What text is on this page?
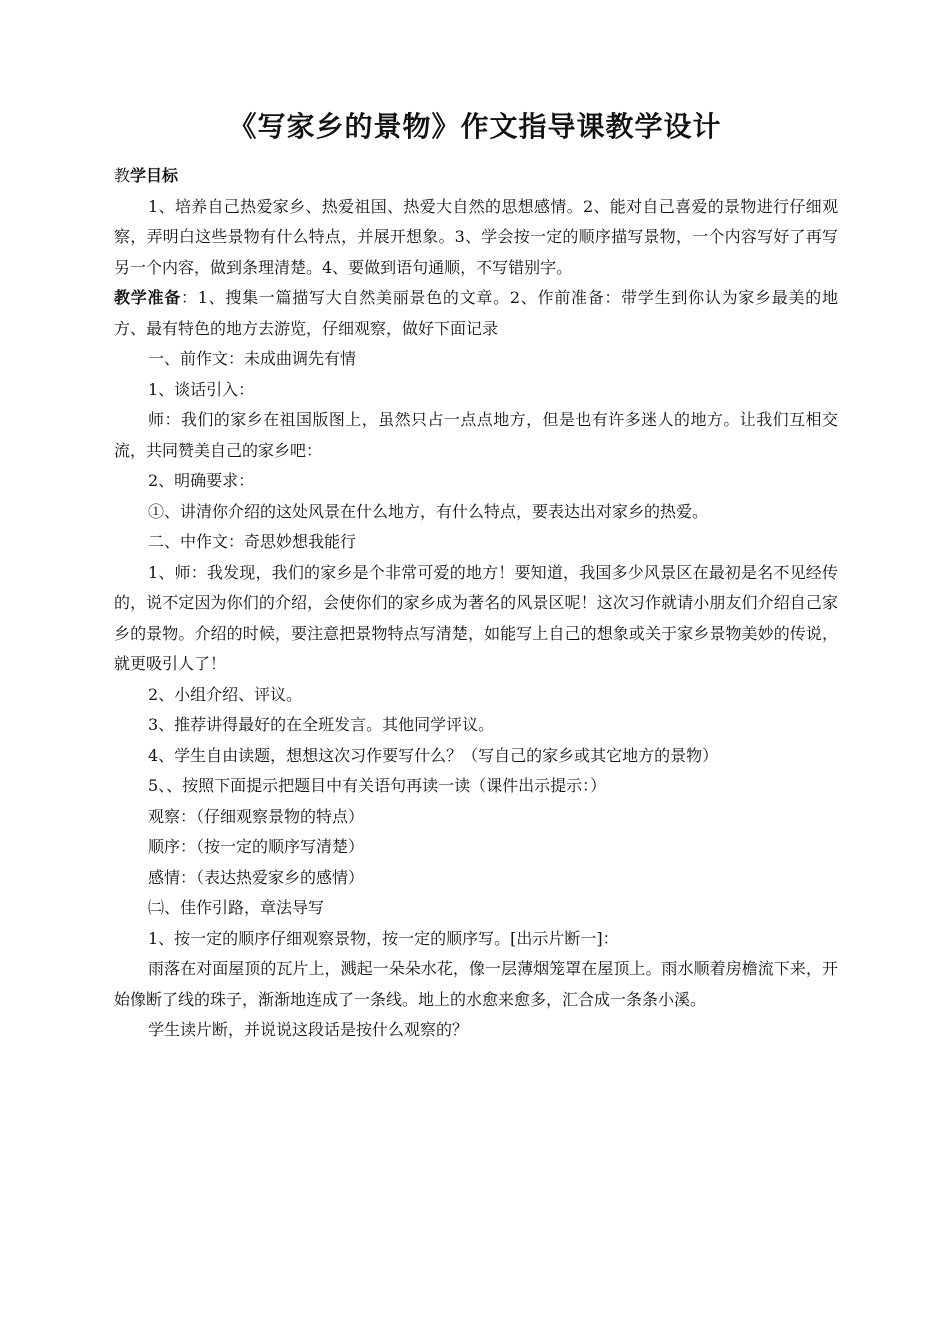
《写家乡的景物》作文指导课教学设计

教学目标

1、培养自己热爱家乡、热爱祖国、热爱大自然的思想感情。2、能对自己喜爱的景物进行仔细观察，弄明白这些景物有什么特点，并展开想象。3、学会按一定的顺序描写景物，一个内容写好了再写另一个内容，做到条理清楚。4、要做到语句通顺，不写错别字。

教学准备：1、搜集一篇描写大自然美丽景色的文章。2、作前准备：带学生到你认为家乡最美的地方、最有特色的地方去游览，仔细观察，做好下面记录

一、前作文：未成曲调先有情

1、谈话引入：

师：我们的家乡在祖国版图上，虽然只占一点点地方，但是也有许多迷人的地方。让我们互相交流，共同赞美自己的家乡吧：

2、明确要求：

①、讲清你介绍的这处风景在什么地方，有什么特点，要表达出对家乡的热爱。

二、中作文：奇思妙想我能行

1、师：我发现，我们的家乡是个非常可爱的地方！要知道，我国多少风景区在最初是名不见经传的，说不定因为你们的介绍，会使你们的家乡成为著名的风景区呢！这次习作就请小朋友们介绍自己家乡的景物。介绍的时候，要注意把景物特点写清楚，如能写上自己的想象或关于家乡景物美妙的传说，就更吸引人了！

2、小组介绍、评议。

3、推荐讲得最好的在全班发言。其他同学评议。

4、学生自由读题，想想这次习作要写什么？（写自己的家乡或其它地方的景物）

5、、按照下面提示把题目中有关语句再读一读（课件出示提示：）

观察：（仔细观察景物的特点）

顺序：（按一定的顺序写清楚）

感情：（表达热爱家乡的感情）

㈡、佳作引路，章法导写

1、按一定的顺序仔细观察景物，按一定的顺序写。[出示片断一]：

雨落在对面屋顶的瓦片上，溅起一朵朵水花，像一层薄烟笼罩在屋顶上。雨水顺着房檐流下来，开始像断了线的珠子，渐渐地连成了一条线。地上的水愈来愈多，汇合成一条条小溪。

学生读片断，并说说这段话是按什么观察的？
